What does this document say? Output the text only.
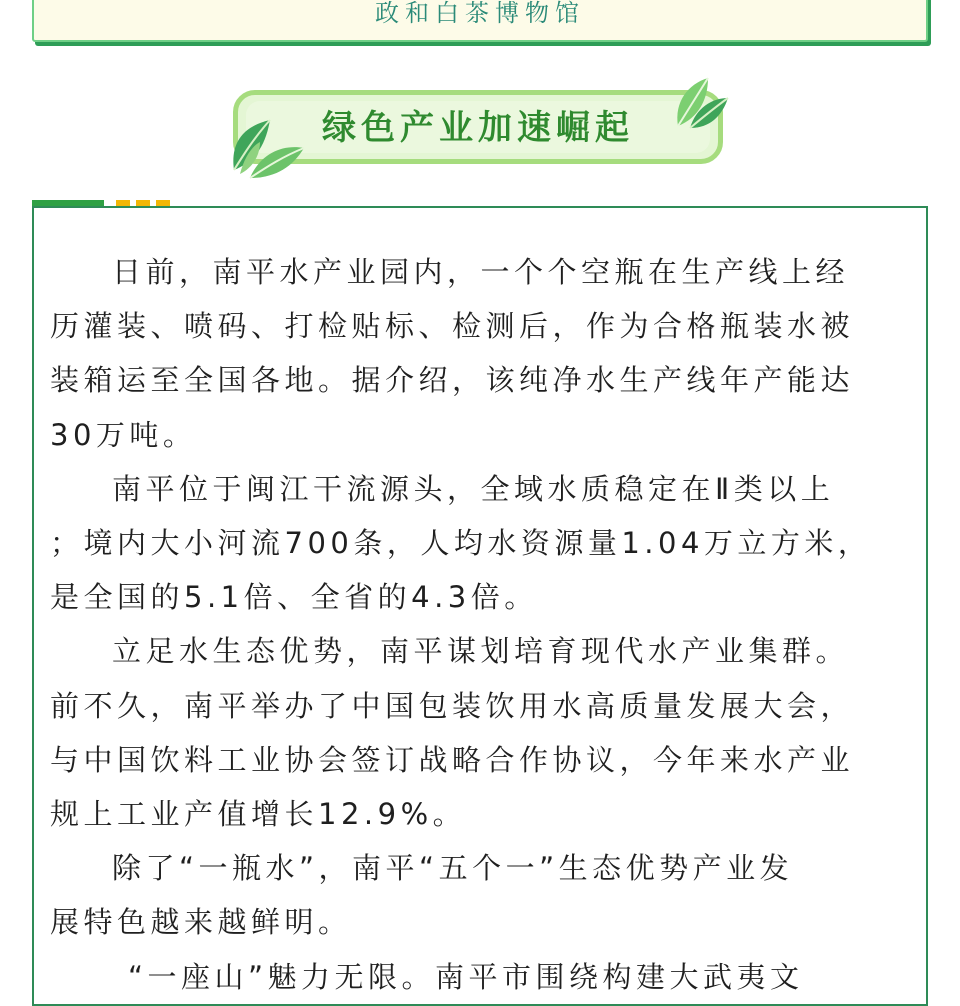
政和白茶博物馆
绿色产业加速崛起

日前，南平水产业园内，一个个空瓶在生产线上经
历灌装、喷码、打检贴标、检测后，作为合格瓶装水被
装箱运至全国各地。据介绍，该纯净水生产线年产能达
30万吨。

南平位于闽江干流源头，全域水质稳定在Ⅱ类以上
；境内大小河流700条，人均水资源量1.04万立方米，
是全国的5.1倍、全省的4.3倍。

立足水生态优势，南平谋划培育现代水产业集群。
前不久，南平举办了中国包装饮用水高质量发展大会，
与中国饮料工业协会签订战略合作协议，今年来水产业
规上工业产值增长12.9%。

除了“一瓶水”，南平“五个一”生态优势产业发
展特色越来越鲜明。

“一座山”魅力无限。南平市围绕构建大武夷文
